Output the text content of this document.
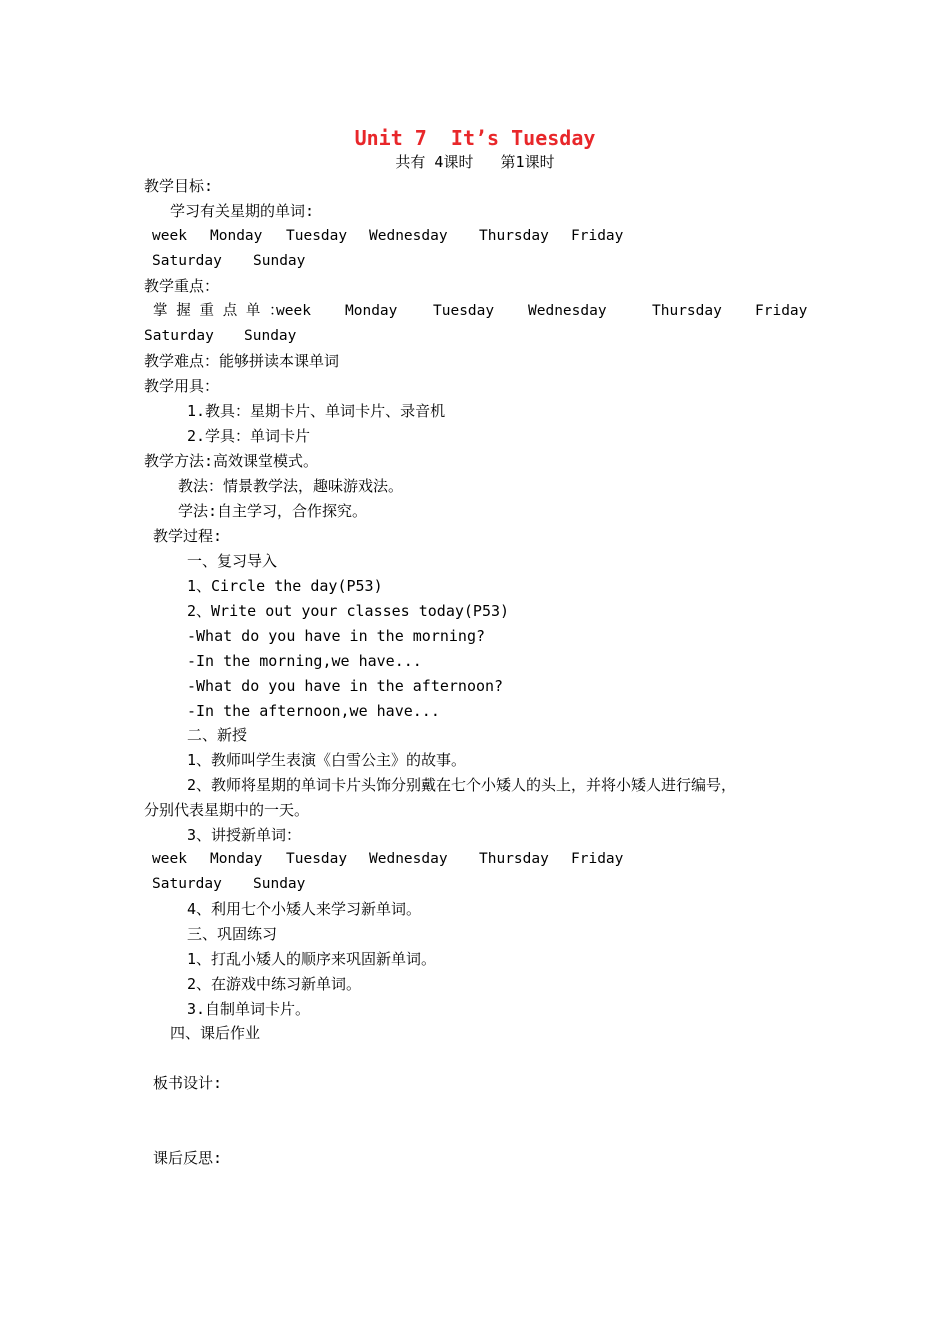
Unit 7  It’s Tuesday
共有 4课时   第1课时
教学目标:
学习有关星期的单词:
week Monday Tuesday Wednesday Thursday Friday
Saturday Sunday
教学重点：
掌 握 重 点 单 ：
week Monday Tuesday Wednesday	Thursday Friday
Saturday Sunday
教学难点：能够拼读本课单词
教学用具：
1.教具：星期卡片、单词卡片、录音机
2.学具：单词卡片
教学方法:高效课堂模式。
教法：情景教学法，趣味游戏法。
学法:自主学习，合作探究。
教学过程:
一、复习导入
1、Circle the day(P53)
2、Write out your classes today(P53)
-What do you have in the morning?
-In the morning,we have...
-What do you have in the afternoon?
-In the afternoon,we have...
二、新授
1、教师叫学生表演《白雪公主》的故事。
2、教师将星期的单词卡片头饰分别戴在七个小矮人的头上，并将小矮人进行编号，
分别代表星期中的一天。
3、讲授新单词：
week Monday Tuesday Wednesday Thursday Friday
Saturday Sunday
4、利用七个小矮人来学习新单词。
三、巩固练习
1、打乱小矮人的顺序来巩固新单词。
2、在游戏中练习新单词。
3.自制单词卡片。
四、课后作业
板书设计:
课后反思:
